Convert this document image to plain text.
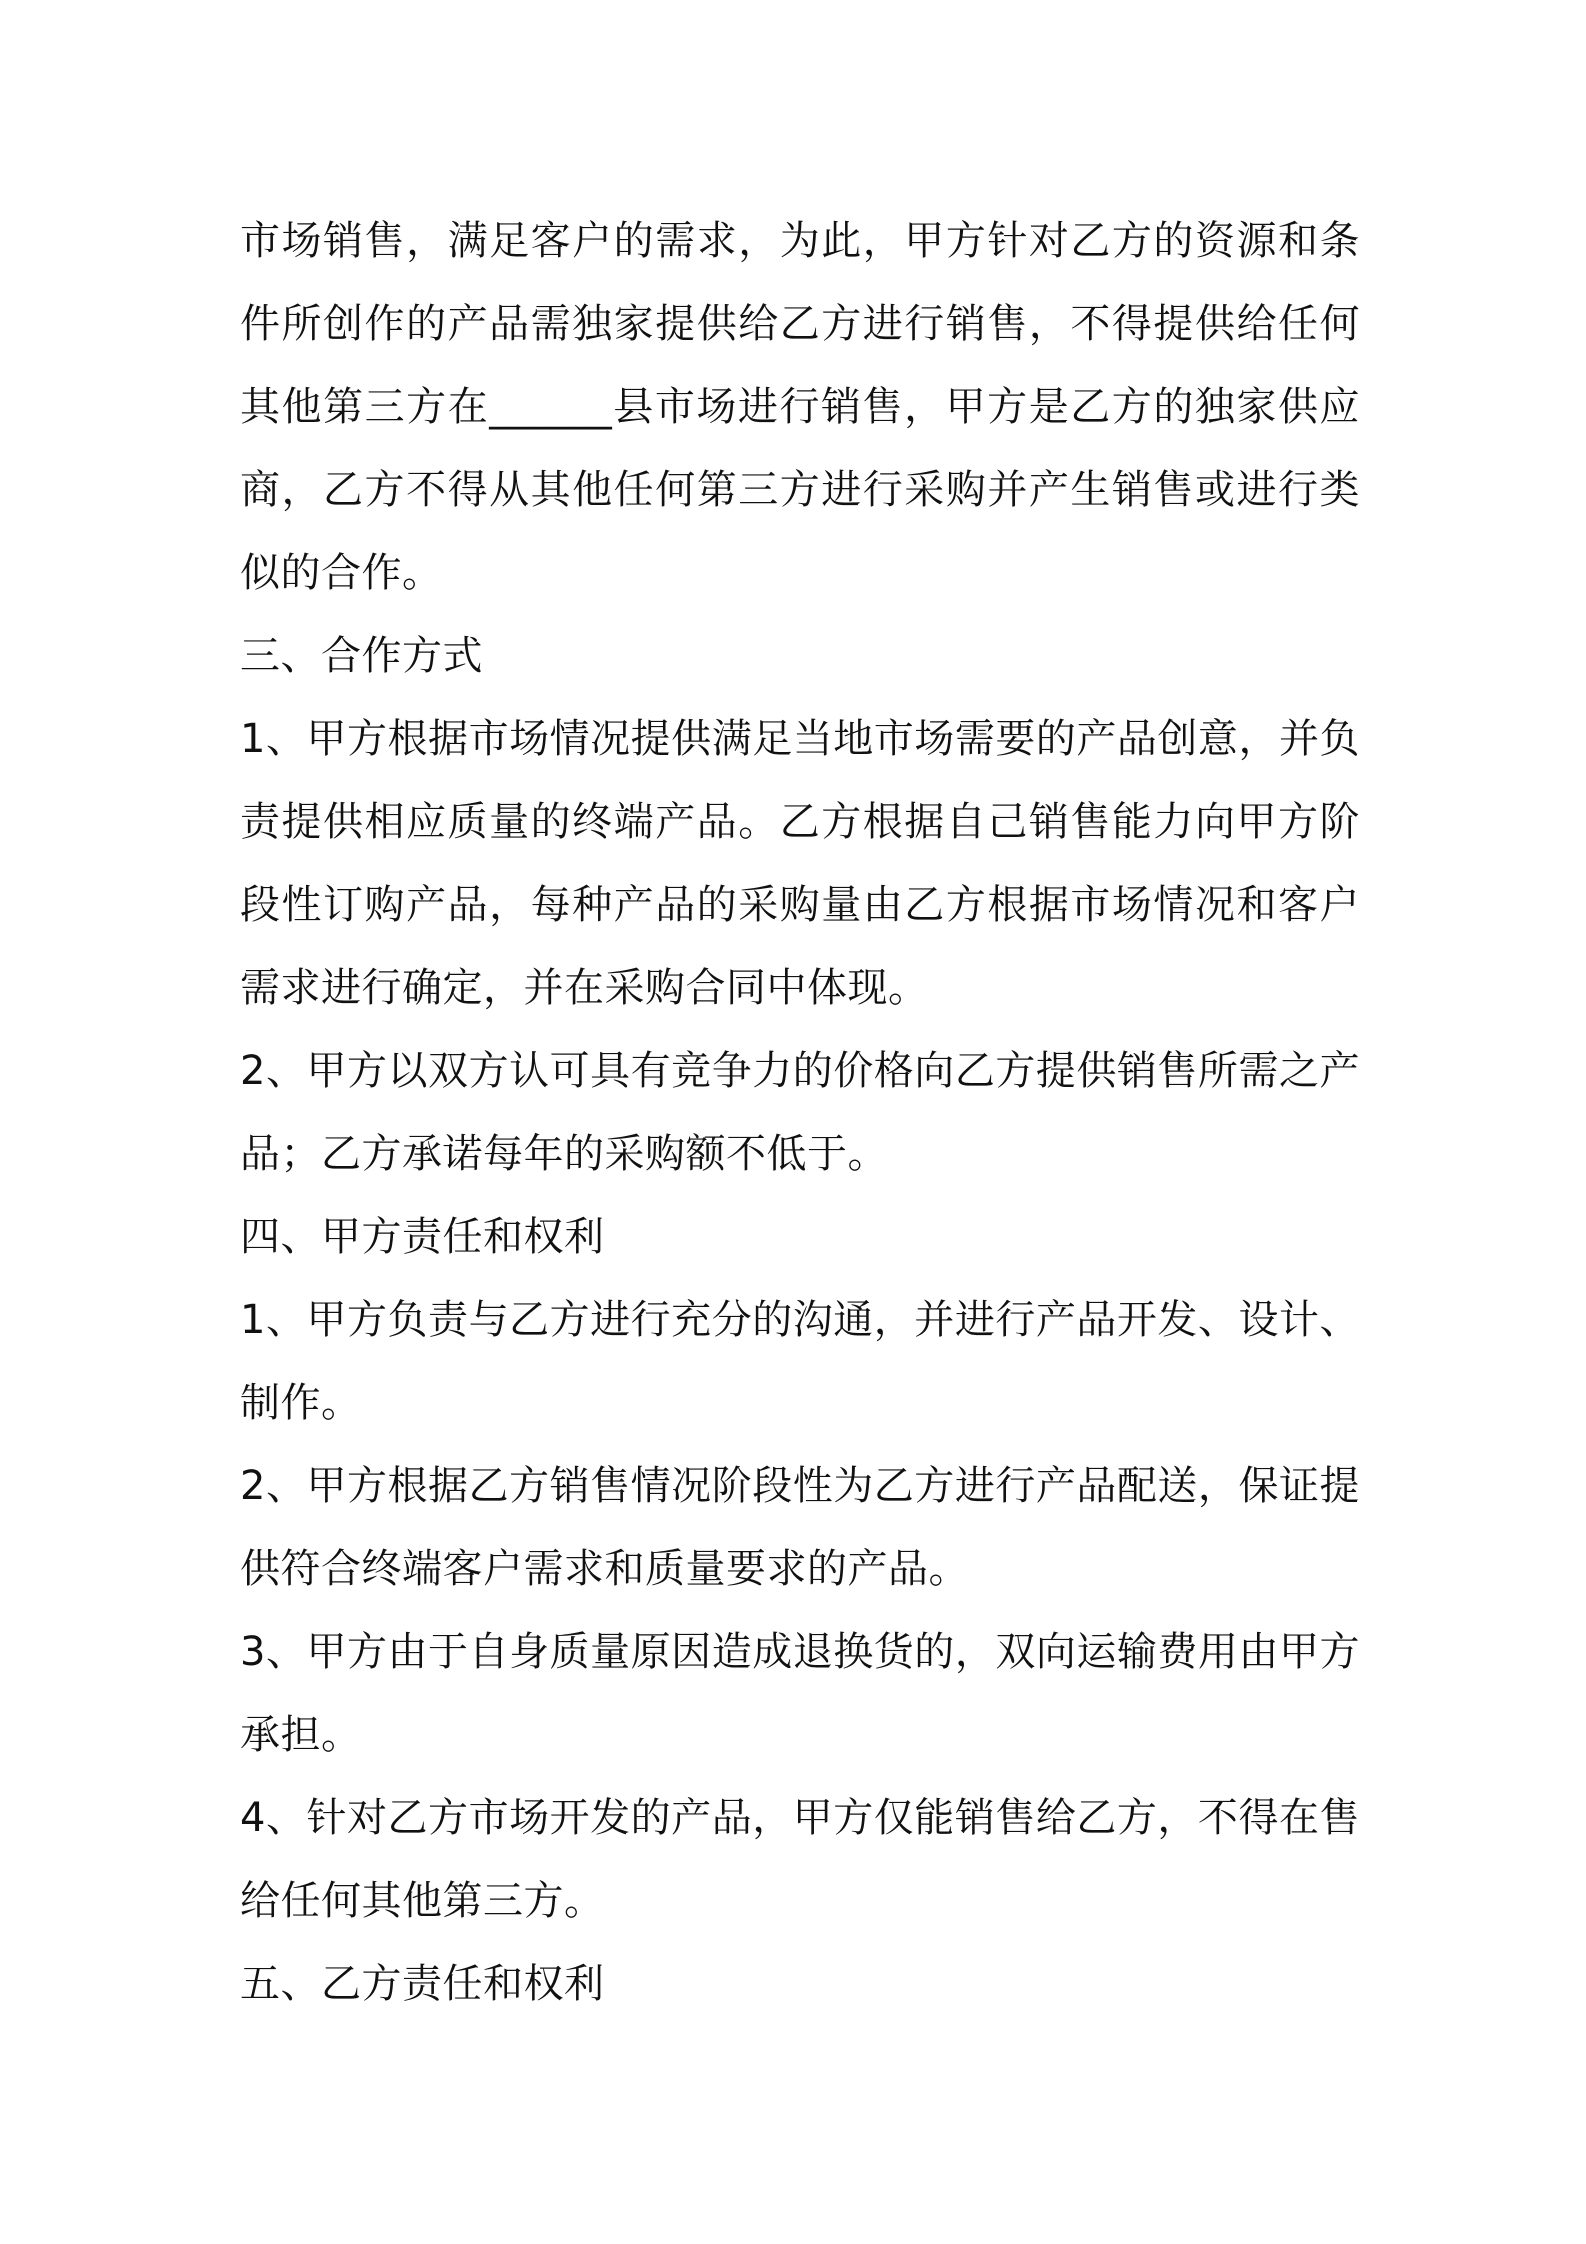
市场销售，满足客户的需求，为此，甲方针对乙方的资源和条件所创作的产品需独家提供给乙方进行销售，不得提供给任何其他第三方在______县市场进行销售，甲方是乙方的独家供应商，乙方不得从其他任何第三方进行采购并产生销售或进行类似的合作。

三、合作方式

1、甲方根据市场情况提供满足当地市场需要的产品创意，并负责提供相应质量的终端产品。乙方根据自己销售能力向甲方阶段性订购产品，每种产品的采购量由乙方根据市场情况和客户需求进行确定，并在采购合同中体现。

2、甲方以双方认可具有竞争力的价格向乙方提供销售所需之产品；乙方承诺每年的采购额不低于。

四、甲方责任和权利

1、甲方负责与乙方进行充分的沟通，并进行产品开发、设计、制作。

2、甲方根据乙方销售情况阶段性为乙方进行产品配送，保证提供符合终端客户需求和质量要求的产品。

3、甲方由于自身质量原因造成退换货的，双向运输费用由甲方承担。

4、针对乙方市场开发的产品，甲方仅能销售给乙方，不得在售给任何其他第三方。

五、乙方责任和权利
